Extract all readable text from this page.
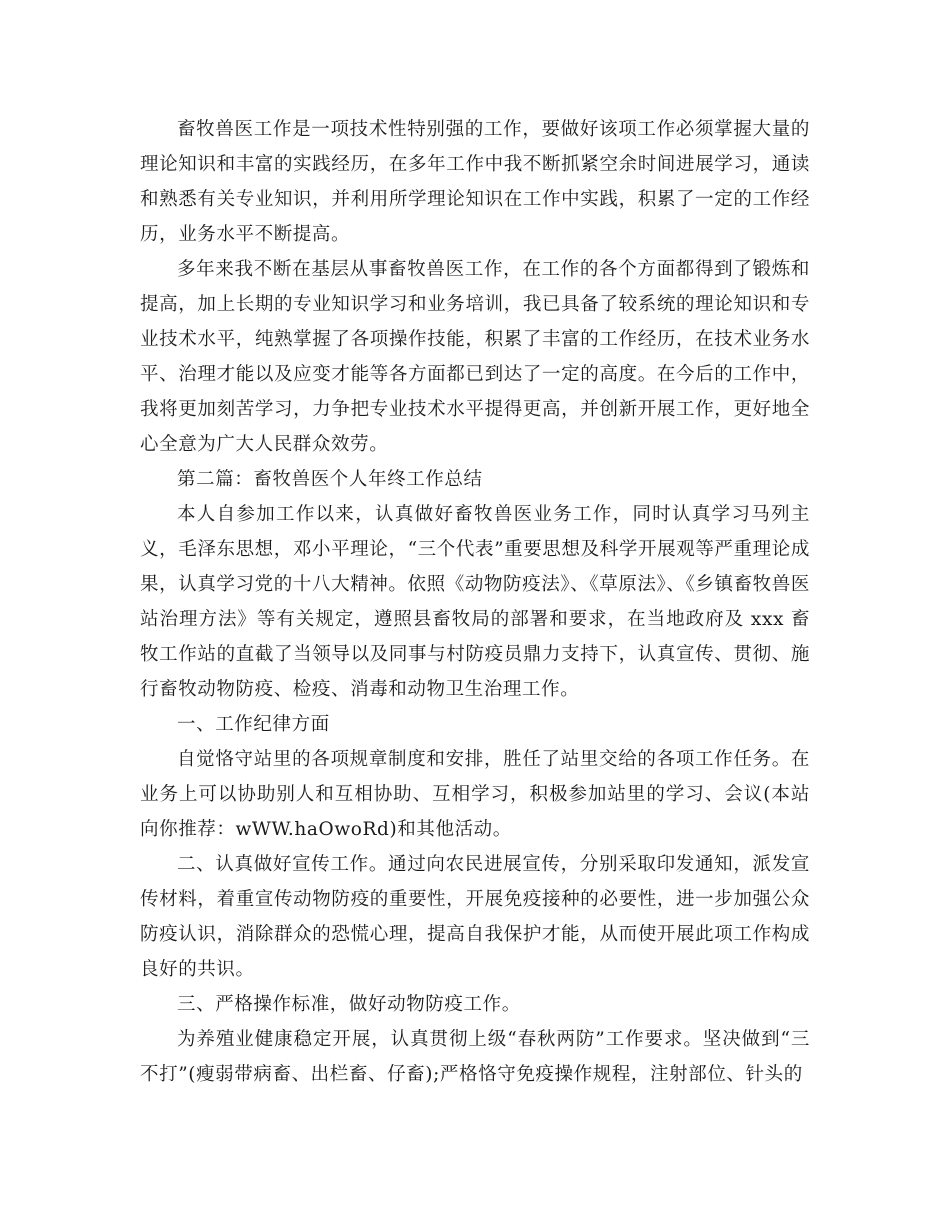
畜牧兽医工作是一项技术性特别强的工作，要做好该项工作必须掌握大量的理论知识和丰富的实践经历，在多年工作中我不断抓紧空余时间进展学习，通读和熟悉有关专业知识，并利用所学理论知识在工作中实践，积累了一定的工作经历，业务水平不断提高。

多年来我不断在基层从事畜牧兽医工作，在工作的各个方面都得到了锻炼和提高，加上长期的专业知识学习和业务培训，我已具备了较系统的理论知识和专业技术水平，纯熟掌握了各项操作技能，积累了丰富的工作经历，在技术业务水平、治理才能以及应变才能等各方面都已到达了一定的高度。在今后的工作中，我将更加刻苦学习，力争把专业技术水平提得更高，并创新开展工作，更好地全心全意为广大人民群众效劳。

第二篇：畜牧兽医个人年终工作总结

本人自参加工作以来，认真做好畜牧兽医业务工作，同时认真学习马列主义，毛泽东思想，邓小平理论，“三个代表”重要思想及科学开展观等严重理论成果，认真学习党的十八大精神。依照《动物防疫法》、《草原法》、《乡镇畜牧兽医站治理方法》等有关规定，遵照县畜牧局的部署和要求，在当地政府及 xxx 畜牧工作站的直截了当领导以及同事与村防疫员鼎力支持下，认真宣传、贯彻、施行畜牧动物防疫、检疫、消毒和动物卫生治理工作。

一、工作纪律方面

自觉恪守站里的各项规章制度和安排，胜任了站里交给的各项工作任务。在业务上可以协助别人和互相协助、互相学习，积极参加站里的学习、会议(本站向你推荐：wWW.haOwoRd)和其他活动。

二、认真做好宣传工作。通过向农民进展宣传，分别采取印发通知，派发宣传材料，着重宣传动物防疫的重要性，开展免疫接种的必要性，进一步加强公众防疫认识，消除群众的恐慌心理，提高自我保护才能，从而使开展此项工作构成良好的共识。

三、严格操作标准，做好动物防疫工作。

为养殖业健康稳定开展，认真贯彻上级“春秋两防”工作要求。坚决做到“三不打”(瘦弱带病畜、出栏畜、仔畜);严格恪守免疫操作规程，注射部位、针头的
